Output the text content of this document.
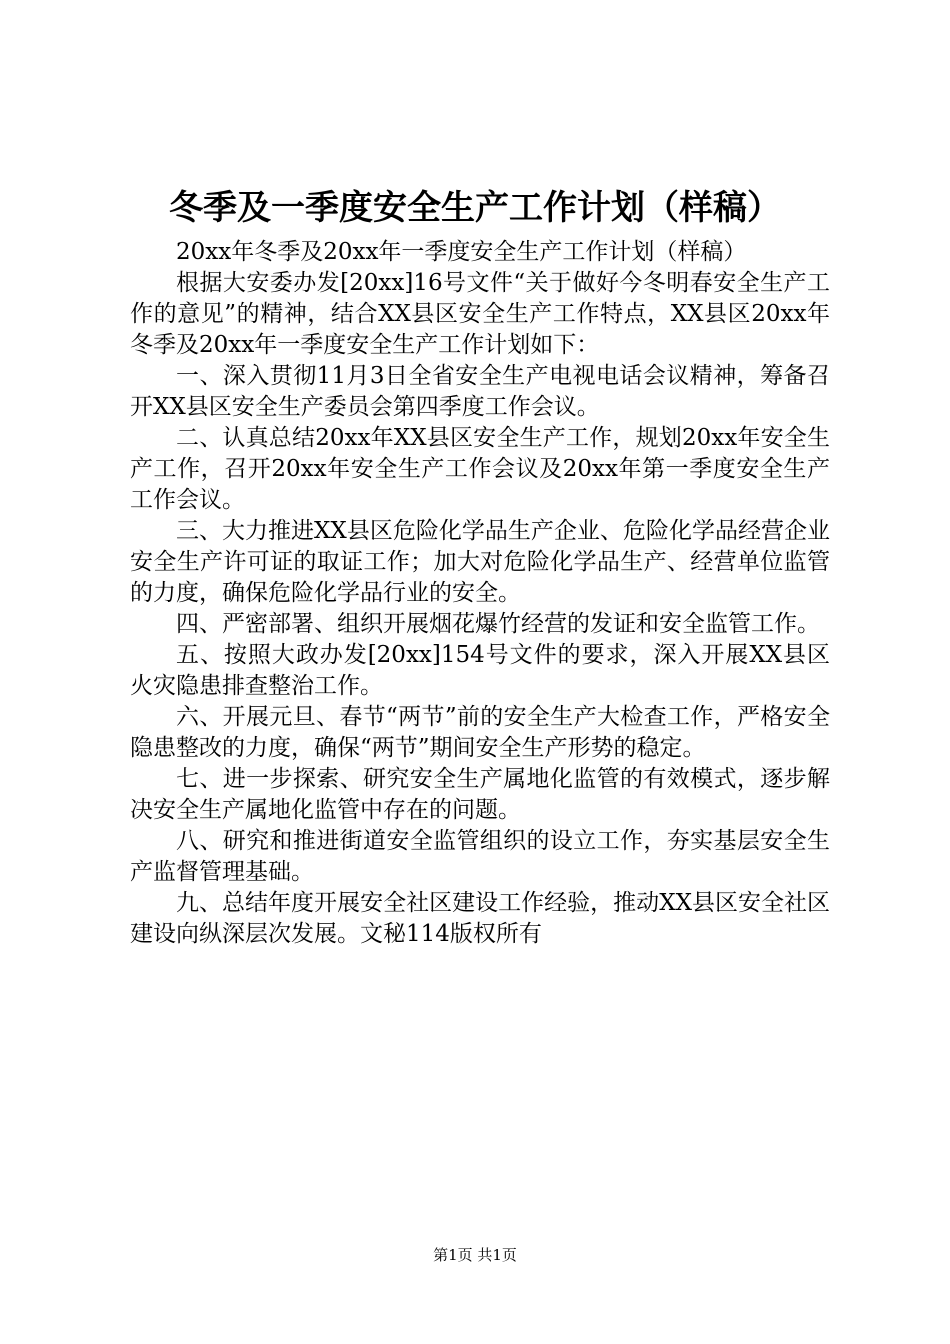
冬季及一季度安全生产工作计划（样稿）

20xx年冬季及20xx年一季度安全生产工作计划（样稿）

根据大安委办发[20xx]16号文件“关于做好今冬明春安全生产工作的意见”的精神，结合XX县区安全生产工作特点，XX县区20xx年冬季及20xx年一季度安全生产工作计划如下：

一、深入贯彻11月3日全省安全生产电视电话会议精神，筹备召开XX县区安全生产委员会第四季度工作会议。

二、认真总结20xx年XX县区安全生产工作，规划20xx年安全生产工作，召开20xx年安全生产工作会议及20xx年第一季度安全生产工作会议。

三、大力推进XX县区危险化学品生产企业、危险化学品经营企业安全生产许可证的取证工作；加大对危险化学品生产、经营单位监管的力度，确保危险化学品行业的安全。

四、严密部署、组织开展烟花爆竹经营的发证和安全监管工作。

五、按照大政办发[20xx]154号文件的要求，深入开展XX县区火灾隐患排查整治工作。

六、开展元旦、春节“两节”前的安全生产大检查工作，严格安全隐患整改的力度，确保“两节”期间安全生产形势的稳定。

七、进一步探索、研究安全生产属地化监管的有效模式，逐步解决安全生产属地化监管中存在的问题。

八、研究和推进街道安全监管组织的设立工作，夯实基层安全生产监督管理基础。

九、总结年度开展安全社区建设工作经验，推动XX县区安全社区建设向纵深层次发展。文秘114版权所有

第1页 共1页
